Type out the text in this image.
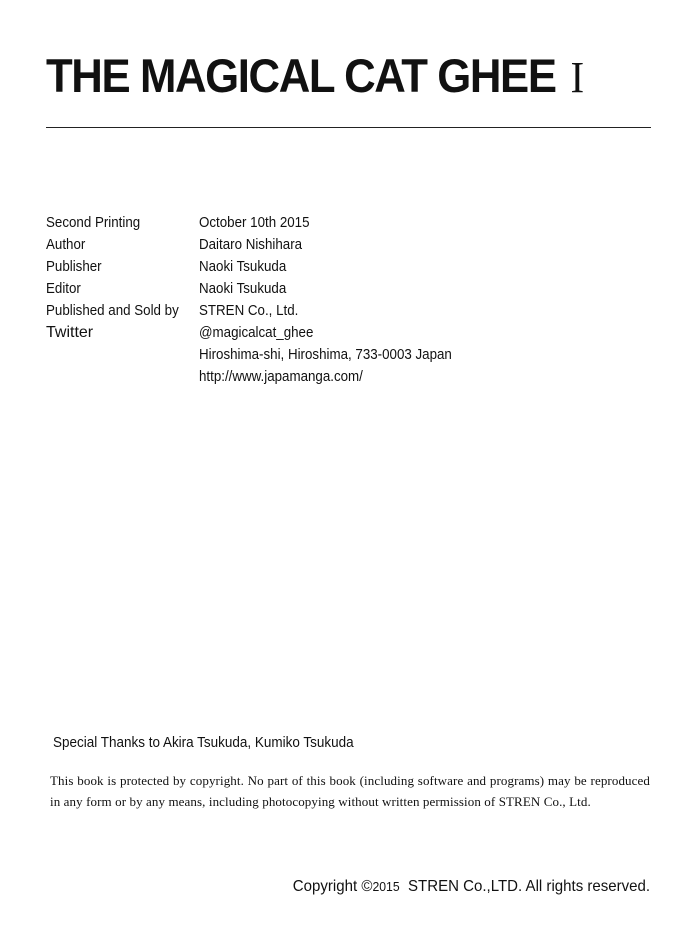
THE MAGICAL CAT GHEE I
Second Printing	October 10th 2015
Author	Daitaro Nishihara
Publisher	Naoki Tsukuda
Editor	Naoki Tsukuda
Published and Sold by	STREN Co., Ltd.
Twitter	@magicalcat_ghee
Hiroshima-shi, Hiroshima, 733-0003 Japan
http://www.japamanga.com/
Special Thanks to Akira Tsukuda, Kumiko Tsukuda

This book is protected by copyright. No part of this book (including software and programs) may be reproduced in any form or by any means, including photocopying without written permission of STREN Co., Ltd.

Copyright ©2015  STREN Co.,LTD. All rights reserved.
